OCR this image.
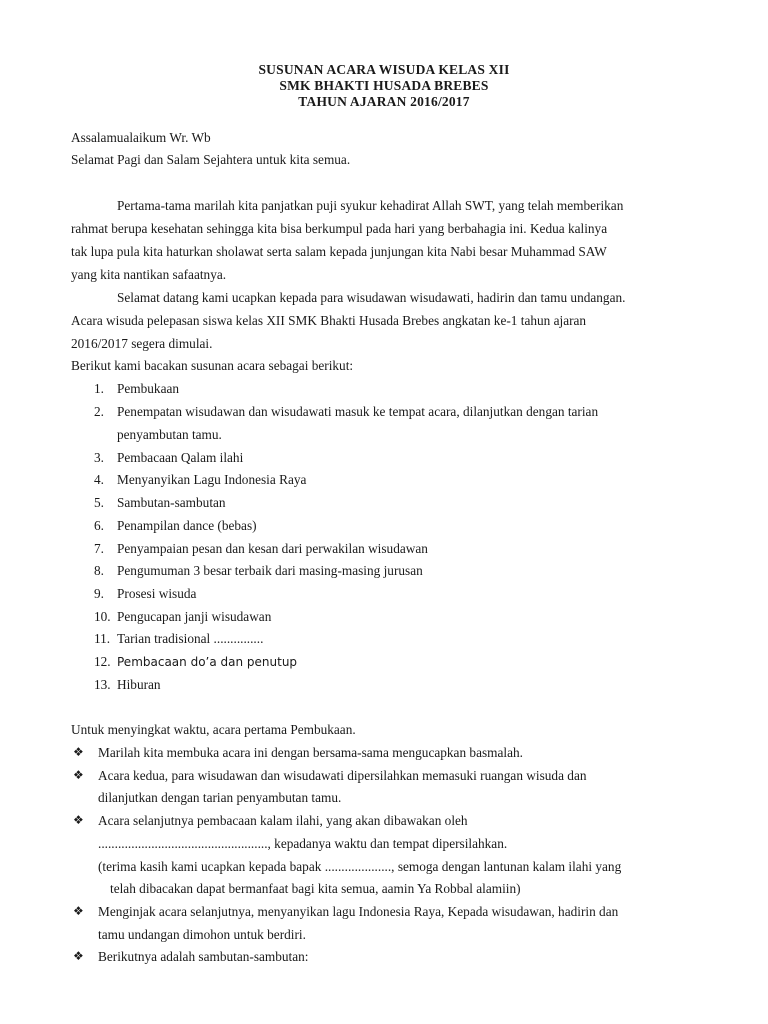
SUSUNAN ACARA WISUDA KELAS XII
SMK BHAKTI HUSADA BREBES
TAHUN AJARAN 2016/2017
Assalamualaikum Wr. Wb
Selamat Pagi dan Salam Sejahtera untuk kita semua.
Pertama-tama marilah kita panjatkan puji syukur kehadirat Allah SWT, yang telah memberikan
rahmat berupa kesehatan sehingga kita bisa berkumpul pada hari yang berbahagia ini. Kedua kalinya
tak lupa pula kita haturkan sholawat serta salam kepada junjungan kita Nabi besar Muhammad SAW
yang kita nantikan safaatnya.
Selamat datang kami ucapkan kepada para wisudawan wisudawati, hadirin dan tamu undangan.
Acara wisuda pelepasan siswa kelas XII SMK Bhakti Husada Brebes angkatan ke-1 tahun ajaran
2016/2017 segera dimulai.
Berikut kami bacakan susunan acara sebagai berikut:
1. Pembukaan
2. Penempatan wisudawan dan wisudawati masuk ke tempat acara, dilanjutkan dengan tarian
penyambutan tamu.
3. Pembacaan Qalam ilahi
4. Menyanyikan Lagu Indonesia Raya
5. Sambutan-sambutan
6. Penampilan dance (bebas)
7. Penyampaian pesan dan kesan dari perwakilan wisudawan
8. Pengumuman 3 besar terbaik dari masing-masing jurusan
9. Prosesi wisuda
10. Pengucapan janji wisudawan
11. Tarian tradisional ...............
12. Pembacaan do’a dan penutup
13. Hiburan
Untuk menyingkat waktu, acara pertama Pembukaan.
❖ Marilah kita membuka acara ini dengan bersama-sama mengucapkan basmalah.
❖ Acara kedua, para wisudawan dan wisudawati dipersilahkan memasuki ruangan wisuda dan
dilanjutkan dengan tarian penyambutan tamu.
❖ Acara selanjutnya pembacaan kalam ilahi, yang akan dibawakan oleh
..................................................., kepadanya waktu dan tempat dipersilahkan.
(terima kasih kami ucapkan kepada bapak ...................., semoga dengan lantunan kalam ilahi yang
telah dibacakan dapat bermanfaat bagi kita semua, aamin Ya Robbal alamiin)
❖ Menginjak acara selanjutnya, menyanyikan lagu Indonesia Raya, Kepada wisudawan, hadirin dan
tamu undangan dimohon untuk berdiri.
❖ Berikutnya adalah sambutan-sambutan:
